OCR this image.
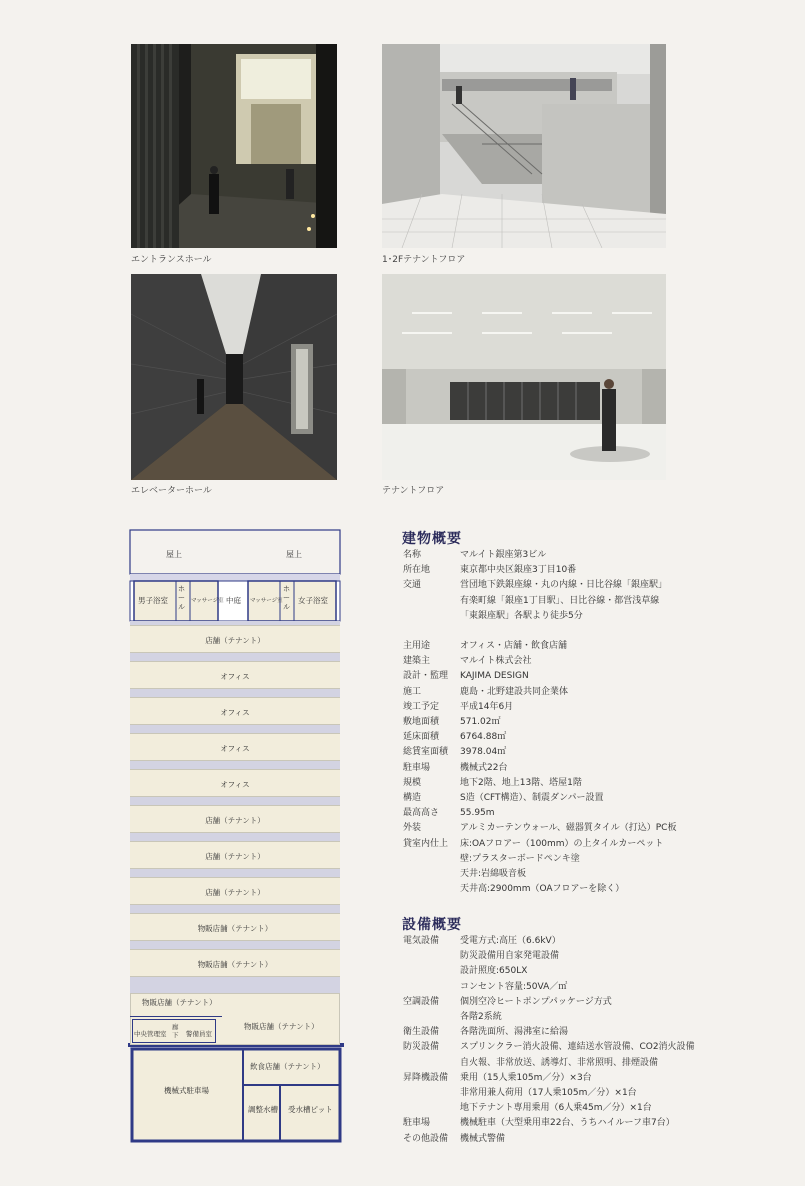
エントランスホール	1･2Fテナントフロア
エレベーターホール	テナントフロア
店舗（テナント）
オフィス
オフィス
オフィス
オフィス
店舗（テナント）
店舗（テナント）
店舗（テナント）
物販店舗（テナント）
物販店舗（テナント）
屋上	屋上
男子浴室
ホール
マッサージ室 中庭 マッサージ室
ホール
女子浴室
物販店舗（テナント）
物販店舗（テナント）
中央管理室
廊下 警備員室
機械式駐車場
飲食店舗（テナント）
調整水槽 受水槽ピット
建物概要
名称	マルイト銀座第3ビル
所在地	東京都中央区銀座3丁目10番
交通	営団地下鉄銀座線・丸の内線・日比谷線「銀座駅」
有楽町線「銀座1丁目駅」、日比谷線・都営浅草線
「東銀座駅」各駅より徒歩5分
主用途	オフィス・店舗・飲食店舗
建築主	マルイト株式会社
設計・監理 KAJIMA DESIGN
施工	鹿島・北野建設共同企業体
竣工予定 平成14年6月
敷地面積 571.02㎡
延床面積 6764.88㎡
総賃室面積 3978.04㎡
駐車場	機械式22台
規模	地下2階、地上13階、塔屋1階
構造	S造（CFT構造）、制震ダンパー設置
最高高さ 55.95m
外装	アルミカーテンウォール、磁器質タイル（打込）PC板
貸室内仕上 床:OAフロアー（100mm）の上タイルカーペット
壁:プラスターボードペンキ塗
天井:岩綿吸音板
天井高:2900mm（OAフロアーを除く）
設備概要
電気設備 受電方式:高圧（6.6kV）
防災設備用自家発電設備
設計照度:650LX
コンセント容量:50VA／㎡
空調設備 個別空冷ヒートポンプパッケージ方式
各階2系統
衛生設備 各階洗面所、湯沸室に給湯
防災設備 スプリンクラー消火設備、連結送水管設備、CO2消火設備
自火報、非常放送、誘導灯、非常照明、排煙設備
昇降機設備 乗用（15人乗105m／分）×3台
非常用兼人荷用（17人乗105m／分）×1台
地下テナント専用乗用（6人乗45m／分）×1台
駐車場	機械駐車（大型乗用車22台、うちハイルーフ車7台）
その他設備 機械式警備
